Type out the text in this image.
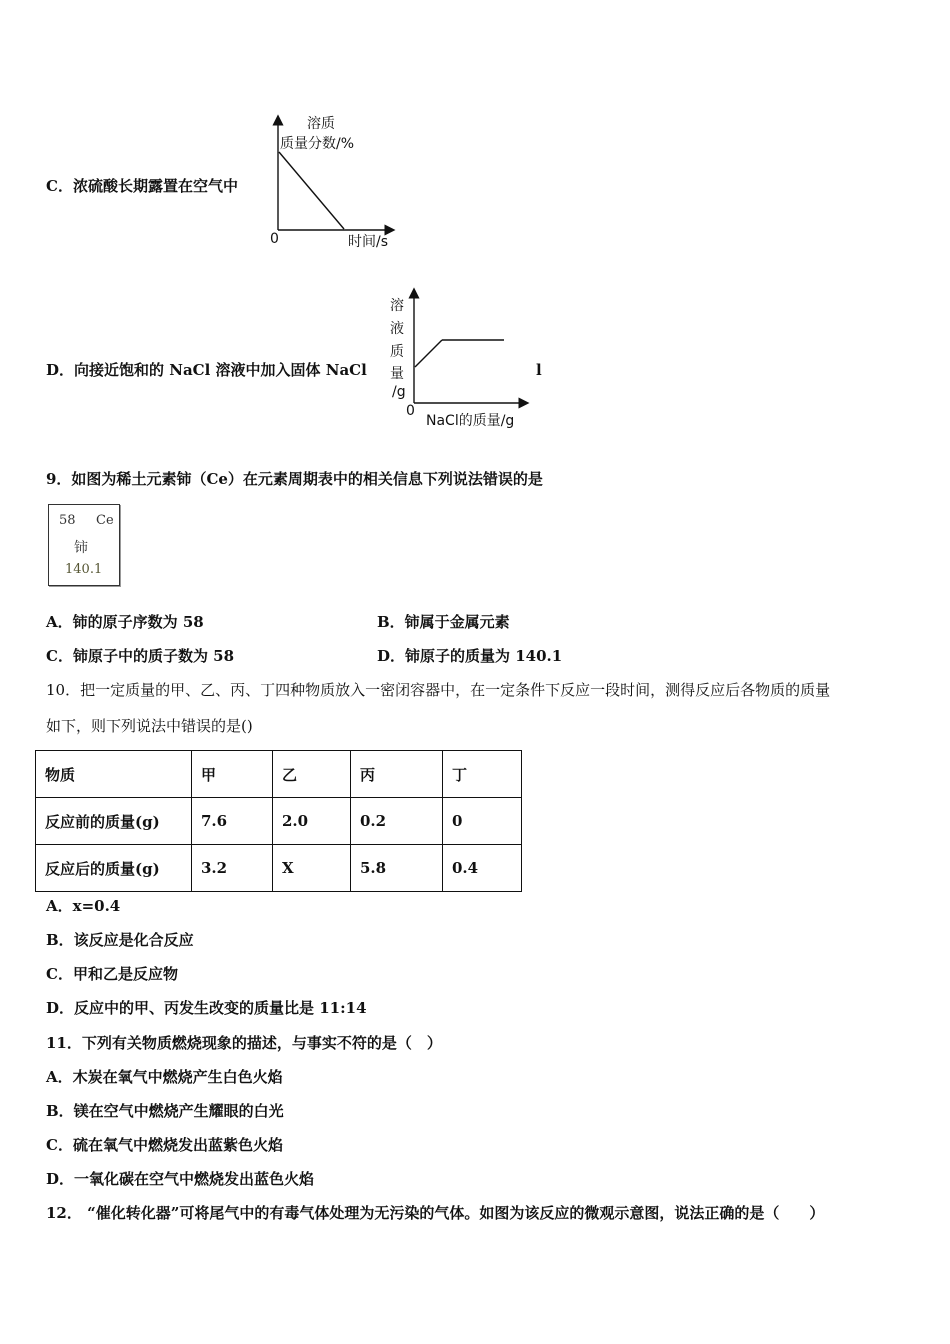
C．浓硫酸长期露置在空气中
溶质
质量分数/%
0	时间/s
D．向接近饱和的 NaCl 溶液中加入固体 NaCl
溶
液
质
量
/g
0
NaCl的质量/g
l
9．如图为稀土元素铈（Ce）在元素周期表中的相关信息下列说法错误的是
58 Ce
铈
140.1
A．铈的原子序数为 58	B．铈属于金属元素
C．铈原子中的质子数为 58	D．铈原子的质量为 140.1
10．把一定质量的甲、乙、丙、丁四种物质放入一密闭容器中，在一定条件下反应一段时间，测得反应后各物质的质量
如下，则下列说法中错误的是()
物质	甲	乙	丙	丁
反应前的质量(g)	7.6	2.0	0.2	0
反应后的质量(g)	3.2	X	5.8	0.4
A．x=0.4
B．该反应是化合反应
C．甲和乙是反应物
D．反应中的甲、丙发生改变的质量比是 11:14
11．下列有关物质燃烧现象的描述，与事实不符的是（　）
A．木炭在氧气中燃烧产生白色火焰
B．镁在空气中燃烧产生耀眼的白光
C．硫在氧气中燃烧发出蓝紫色火焰
D．一氧化碳在空气中燃烧发出蓝色火焰
12． “催化转化器”可将尾气中的有毒气体处理为无污染的气体。如图为该反应的微观示意图，说法正确的是（　　）
